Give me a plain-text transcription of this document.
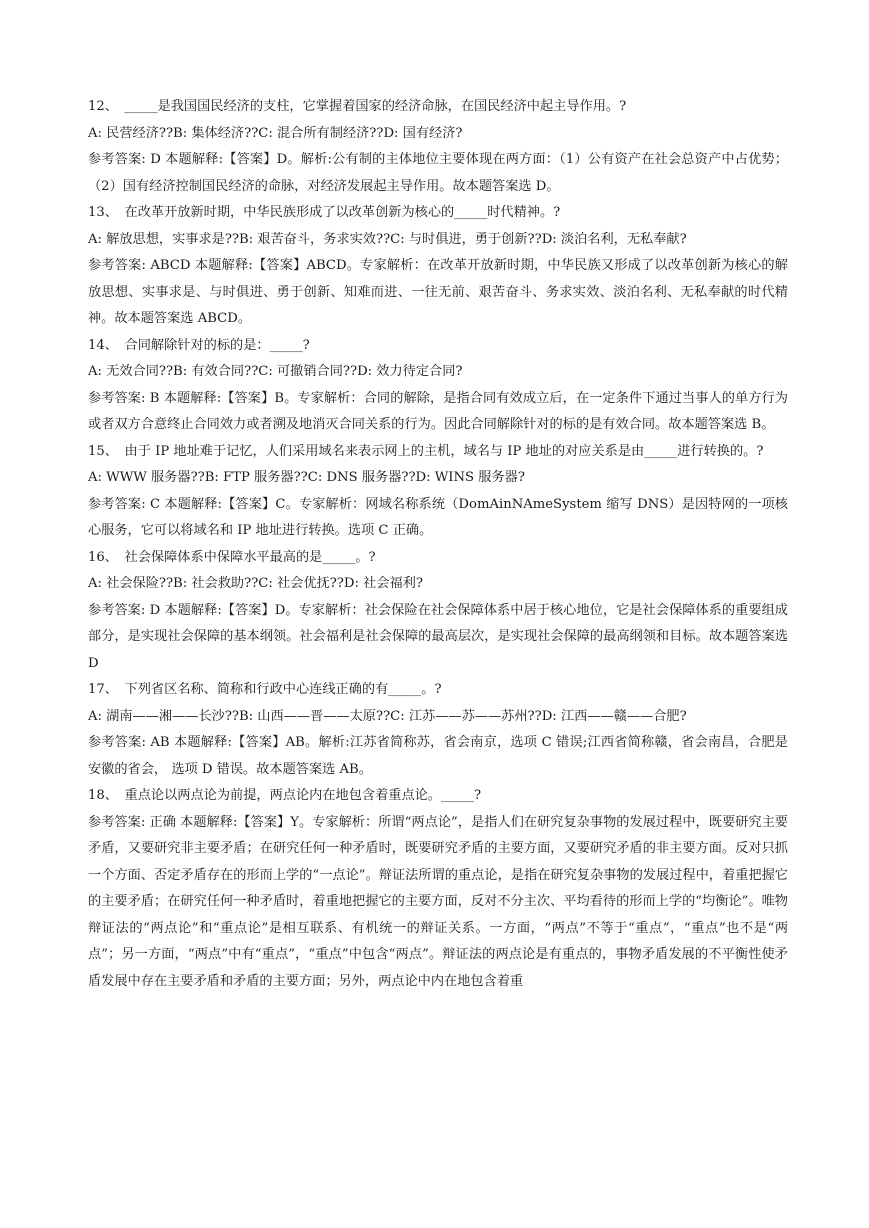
12、　_____是我国国民经济的支柱，它掌握着国家的经济命脉，在国民经济中起主导作用。?
A: 民营经济??B: 集体经济??C: 混合所有制经济??D: 国有经济?
参考答案: D 本题解释:【答案】D。解析:公有制的主体地位主要体现在两方面：（1）公有资产在社会总资产中占优势；（2）国有经济控制国民经济的命脉，对经济发展起主导作用。故本题答案选 D。
13、　在改革开放新时期，中华民族形成了以改革创新为核心的_____时代精神。?
A: 解放思想，实事求是??B: 艰苦奋斗，务求实效??C: 与时俱进，勇于创新??D: 淡泊名利，无私奉献?
参考答案: ABCD 本题解释:【答案】ABCD。专家解析：在改革开放新时期，中华民族又形成了以改革创新为核心的解放思想、实事求是、与时俱进、勇于创新、知难而进、一往无前、艰苦奋斗、务求实效、淡泊名利、无私奉献的时代精神。故本题答案选 ABCD。
14、　合同解除针对的标的是：_____?
A: 无效合同??B: 有效合同??C: 可撤销合同??D: 效力待定合同?
参考答案: B 本题解释:【答案】B。专家解析：合同的解除，是指合同有效成立后，在一定条件下通过当事人的单方行为或者双方合意终止合同效力或者溯及地消灭合同关系的行为。因此合同解除针对的标的是有效合同。故本题答案选 B。
15、　由于 IP 地址难于记忆，人们采用域名来表示网上的主机，域名与 IP 地址的对应关系是由_____进行转换的。?
A: WWW 服务器??B: FTP 服务器??C: DNS 服务器??D: WINS 服务器?
参考答案: C 本题解释:【答案】C。专家解析：网域名称系统（DomAinNAmeSystem 缩写 DNS）是因特网的一项核心服务，它可以将域名和 IP 地址进行转换。选项 C 正确。
16、　社会保障体系中保障水平最高的是_____。?
A: 社会保险??B: 社会救助??C: 社会优抚??D: 社会福利?
参考答案: D 本题解释:【答案】D。专家解析：社会保险在社会保障体系中居于核心地位，它是社会保障体系的重要组成部分，是实现社会保障的基本纲领。社会福利是社会保障的最高层次，是实现社会保障的最高纲领和目标。故本题答案选 D
17、　下列省区名称、简称和行政中心连线正确的有_____。?
A: 湖南——湘——长沙??B: 山西——晋——太原??C: 江苏——苏——苏州??D: 江西——赣——合肥?
参考答案: AB 本题解释:【答案】AB。解析:江苏省简称苏，省会南京，选项 C 错误;江西省简称赣，省会南昌，合肥是安徽的省会， 选项 D 错误。故本题答案选 AB。
18、　重点论以两点论为前提，两点论内在地包含着重点论。_____?
参考答案: 正确 本题解释:【答案】Y。专家解析：所谓“两点论”，是指人们在研究复杂事物的发展过程中，既要研究主要矛盾，又要研究非主要矛盾；在研究任何一种矛盾时，既要研究矛盾的主要方面，又要研究矛盾的非主要方面。反对只抓一个方面、否定矛盾存在的形而上学的“一点论”。辩证法所谓的重点论，是指在研究复杂事物的发展过程中，着重把握它的主要矛盾；在研究任何一种矛盾时，着重地把握它的主要方面，反对不分主次、平均看待的形而上学的“均衡论”。唯物辩证法的“两点论”和“重点论”是相互联系、有机统一的辩证关系。一方面，“两点”不等于“重点”，“重点”也不是“两点”；另一方面，“两点”中有“重点”，“重点”中包含“两点”。辩证法的两点论是有重点的，事物矛盾发展的不平衡性使矛盾发展中存在主要矛盾和矛盾的主要方面；另外，两点论中内在地包含着重
